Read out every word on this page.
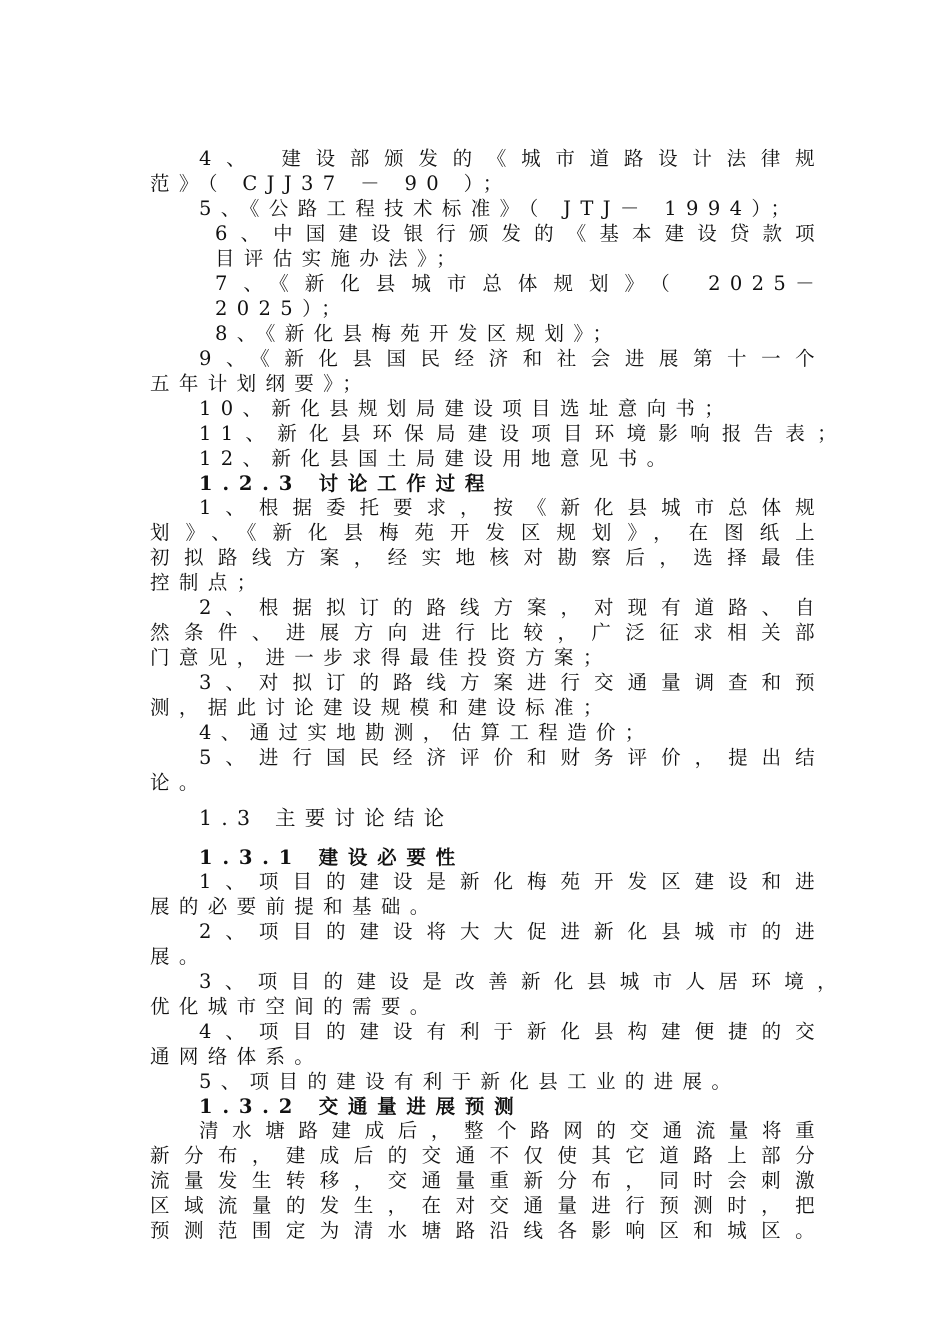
4、 建设部颁发的《城市道路设计法律规
范》（ CJJ37 － 90 ）；
5、《公路工程技术标准》（ JTJ－ 1994）；
6、中国建设银行颁发的《基本建设贷款项
目评估实施办法》；
7、《新化县城市总体规划》（ 2025－
2025）；
8、《新化县梅苑开发区规划》；
9、《新化县国民经济和社会进展第十一个
五年计划纲要》；
10、新化县规划局建设项目选址意向书；
11、新化县环保局建设项目环境影响报告表；
12、新化县国土局建设用地意见书。
1.2.3 讨论工作过程
1、根据委托要求，按《新化县城市总体规
划》、《新化县梅苑开发区规划》，在图纸上
初拟路线方案，经实地核对勘察后，选择最佳
控制点；
2、根据拟订的路线方案，对现有道路、自
然条件、进展方向进行比较，广泛征求相关部
门意见，进一步求得最佳投资方案；
3、对拟订的路线方案进行交通量调查和预
测，据此讨论建设规模和建设标准；
4、通过实地勘测，估算工程造价；
5、进行国民经济评价和财务评价，提出结
论。
1.3 主要讨论结论
1.3.1 建设必要性
1、项目的建设是新化梅苑开发区建设和进
展的必要前提和基础。
2、项目的建设将大大促进新化县城市的进
展。
3、项目的建设是改善新化县城市人居环境，
优化城市空间的需要。
4、项目的建设有利于新化县构建便捷的交
通网络体系。
5、项目的建设有利于新化县工业的进展。
1.3.2 交通量进展预测
清水塘路建成后，整个路网的交通流量将重
新分布，建成后的交通不仅使其它道路上部分
流量发生转移，交通量重新分布，同时会刺激
区域流量的发生，在对交通量进行预测时，把
预测范围定为清水塘路沿线各影响区和城区。
